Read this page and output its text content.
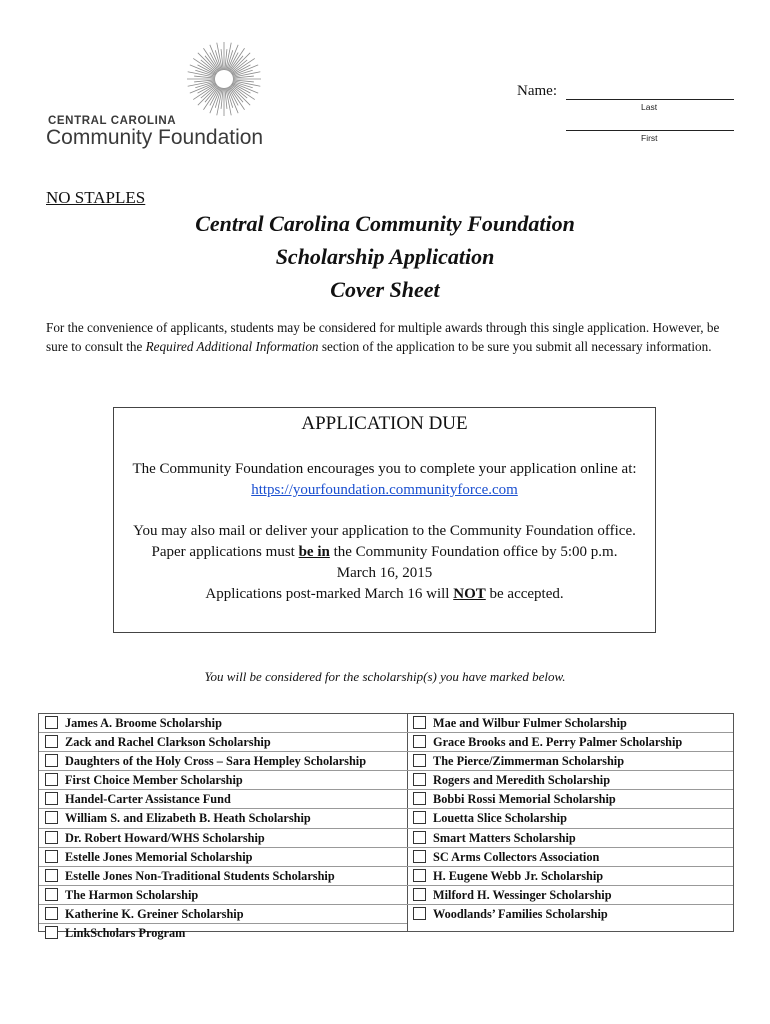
CENTRAL CAROLINA
Community Foundation
Name:
Last
First
NO STAPLES
Central Carolina Community Foundation
Scholarship Application
Cover Sheet
For the convenience of applicants, students may be considered for multiple awards through this single application. However, be sure to consult the Required Additional Information section of the application to be sure you submit all necessary information.
APPLICATION DUE
The Community Foundation encourages you to complete your application online at: https://yourfoundation.communityforce.com
You may also mail or deliver your application to the Community Foundation office.
Paper applications must be in the Community Foundation office by 5:00 p.m.
March 16, 2015
Applications post-marked March 16 will NOT be accepted.
You will be considered for the scholarship(s) you have marked below.
James A. Broome Scholarship
Zack and Rachel Clarkson Scholarship
Daughters of the Holy Cross – Sara Hempley Scholarship
First Choice Member Scholarship
Handel-Carter Assistance Fund
William S. and Elizabeth B. Heath Scholarship
Dr. Robert Howard/WHS Scholarship
Estelle Jones Memorial Scholarship
Estelle Jones Non-Traditional Students Scholarship
The Harmon Scholarship
Katherine K. Greiner Scholarship
LinkScholars Program
Mae and Wilbur Fulmer Scholarship
Grace Brooks and E. Perry Palmer Scholarship
The Pierce/Zimmerman Scholarship
Rogers and Meredith Scholarship
Bobbi Rossi Memorial Scholarship
Louetta Slice Scholarship
Smart Matters Scholarship
SC Arms Collectors Association
H. Eugene Webb Jr. Scholarship
Milford H. Wessinger Scholarship
Woodlands’ Families Scholarship
